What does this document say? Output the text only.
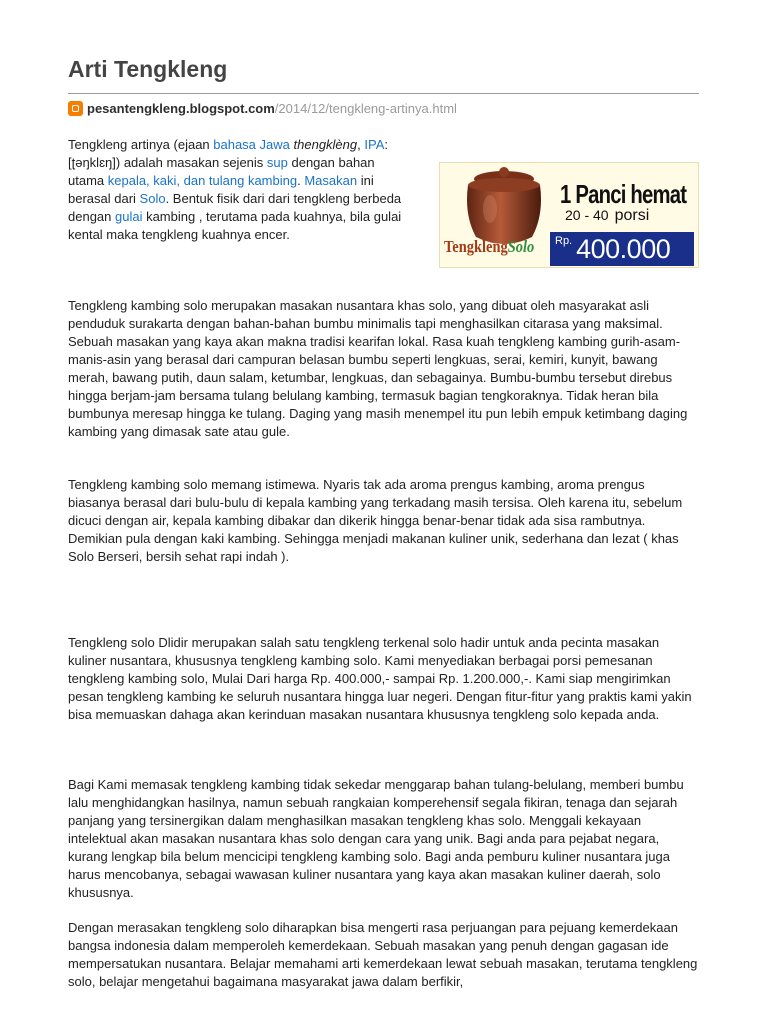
Arti Tengkleng
pesantengkleng.blogspot.com /2014/12/tengkleng-artinya.html

Tengkleng artinya (ejaan bahasa Jawa thengklèng, IPA: [ʈəŋklɛŋ]) adalah masakan sejenis sup dengan bahan utama kepala, kaki, dan tulang kambing. Masakan ini berasal dari Solo. Bentuk fisik dari dari tengkleng berbeda dengan gulai kambing , terutama pada kuahnya, bila gulai kental maka tengkleng kuahnya encer.

1 Panci hemat
20 - 40 porsi
TengklengSolo Rp. 400.000

Tengkleng kambing solo merupakan masakan nusantara khas solo, yang dibuat oleh masyarakat asli penduduk surakarta dengan bahan-bahan bumbu minimalis tapi menghasilkan citarasa yang maksimal. Sebuah masakan yang kaya akan makna tradisi kearifan lokal. Rasa kuah tengkleng kambing gurih-asam-manis-asin yang berasal dari campuran belasan bumbu seperti lengkuas, serai, kemiri, kunyit, bawang merah, bawang putih, daun salam, ketumbar, lengkuas, dan sebagainya. Bumbu-bumbu tersebut direbus hingga berjam-jam bersama tulang belulang kambing, termasuk bagian tengkoraknya. Tidak heran bila bumbunya meresap hingga ke tulang. Daging yang masih menempel itu pun lebih empuk ketimbang daging kambing yang dimasak sate atau gule.

Tengkleng kambing solo memang istimewa. Nyaris tak ada aroma prengus kambing, aroma prengus biasanya berasal dari bulu-bulu di kepala kambing yang terkadang masih tersisa. Oleh karena itu, sebelum dicuci dengan air, kepala kambing dibakar dan dikerik hingga benar-benar tidak ada sisa rambutnya. Demikian pula dengan kaki kambing. Sehingga menjadi makanan kuliner unik, sederhana dan lezat ( khas Solo Berseri, bersih sehat rapi indah ).

Tengkleng solo Dlidir merupakan salah satu tengkleng terkenal solo hadir untuk anda pecinta masakan kuliner nusantara, khususnya tengkleng kambing solo. Kami menyediakan berbagai porsi pemesanan tengkleng kambing solo, Mulai Dari harga Rp. 400.000,- sampai Rp. 1.200.000,-. Kami siap mengirimkan pesan tengkleng kambing ke seluruh nusantara hingga luar negeri. Dengan fitur-fitur yang praktis kami yakin bisa memuaskan dahaga akan kerinduan masakan nusantara khususnya tengkleng solo kepada anda.

Bagi Kami memasak tengkleng kambing tidak sekedar menggarap bahan tulang-belulang, memberi bumbu lalu menghidangkan hasilnya, namun sebuah rangkaian komperehensif segala fikiran, tenaga dan sejarah panjang yang tersinergikan dalam menghasilkan masakan tengkleng khas solo. Menggali kekayaan intelektual akan masakan nusantara khas solo dengan cara yang unik. Bagi anda para pejabat negara, kurang lengkap bila belum mencicipi tengkleng kambing solo. Bagi anda pemburu kuliner nusantara juga harus mencobanya, sebagai wawasan kuliner nusantara yang kaya akan masakan kuliner daerah, solo khususnya.

Dengan merasakan tengkleng solo diharapkan bisa mengerti rasa perjuangan para pejuang kemerdekaan bangsa indonesia dalam memperoleh kemerdekaan. Sebuah masakan yang penuh dengan gagasan ide mempersatukan nusantara. Belajar memahami arti kemerdekaan lewat sebuah masakan, terutama tengkleng solo, belajar mengetahui bagaimana masyarakat jawa dalam berfikir,
